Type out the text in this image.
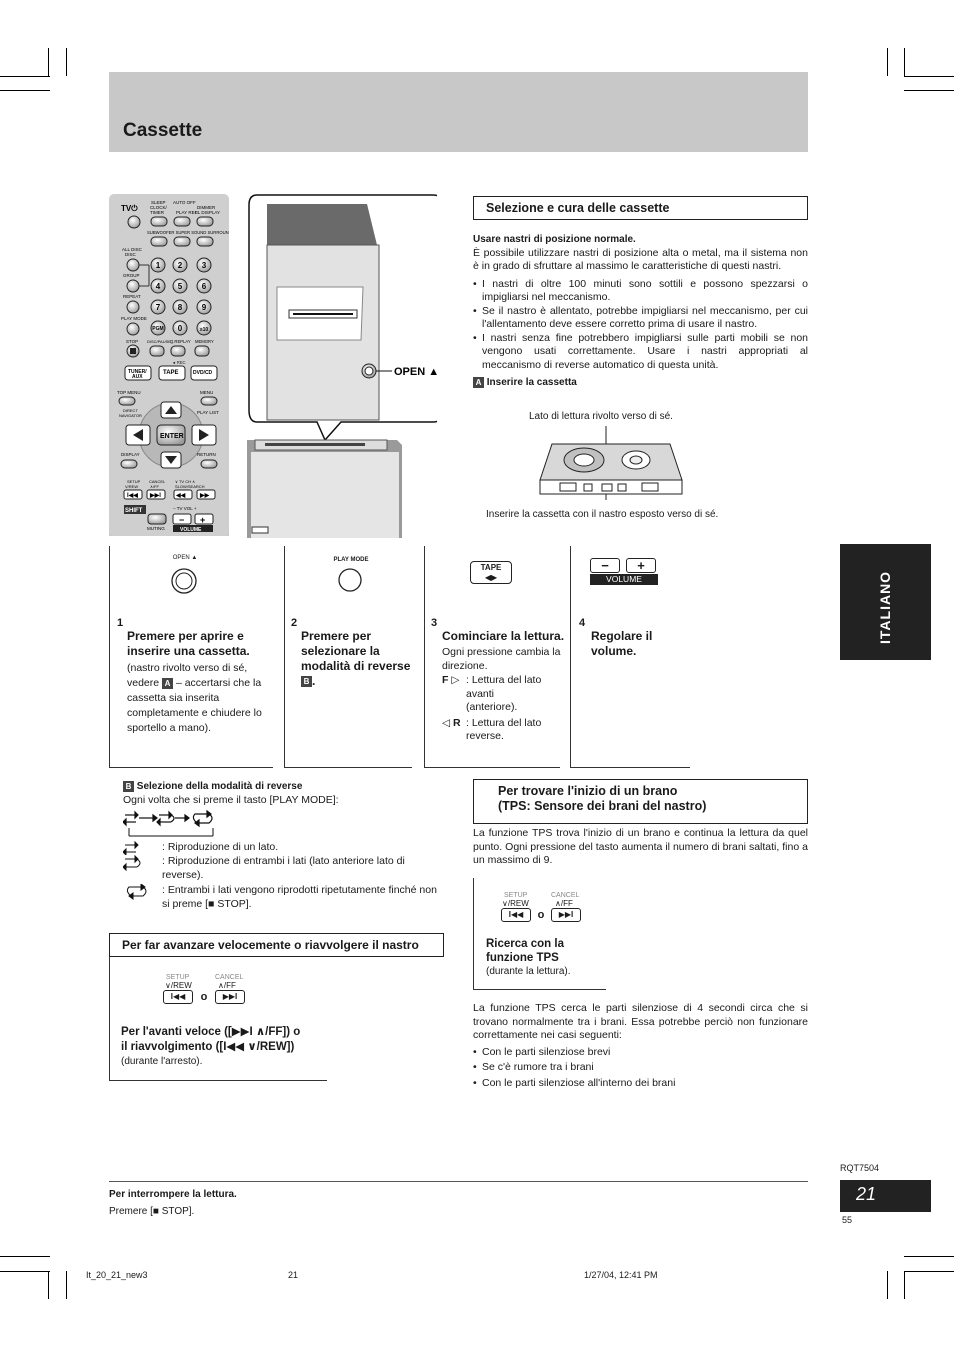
Cassette
ITALIANO
TV⏻
SLEEP
CLOCK/
TIMER
AUTO OFF
PLAY REC
DIMMER
FL DISPLAY
SUBWOOFER SUPER SOUND SURROUND
ALL DISC
DISC
GROUP
REPEAT
PLAY MODE
1 2 3
4 5 6
7 8 9
0	≥10
PGM
STOP DISC/PAUSE Q.REPLAY MEMORY
● REC
TUNER/
AUX
TAPE	DVD/CD
TOP MENU	MENU
DIRECT
NAVIGATOR
PLAY LIST
ENTER
DISPLAY	RETURN
SETUP
V/REW
CANCEL
∧/FF
∨ TV CH ∧
SLOW/SEARCH
I◀◀ ▶▶I	◀◀ ▶▶
SHIFT	− TV VOL +
MUTING
− +
VOLUME
OPEN ▲
Selezione e cura delle cassette
Usare nastri di posizione normale.
È possibile utilizzare nastri di posizione alta o metal, ma il sistema non è in grado di sfruttare al massimo le caratteristiche di questi nastri.
• I nastri di oltre 100 minuti sono sottili e possono spezzarsi o impigliarsi nel meccanismo.
• Se il nastro è allentato, potrebbe impigliarsi nel meccanismo, per cui l'allentamento deve essere corretto prima di usare il nastro.
• I nastri senza fine potrebbero impigliarsi sulle parti mobili se non vengono usati correttamente. Usare i nastri appropriati al meccanismo di reverse automatico di questa unità.
A Inserire la cassetta
Lato di lettura rivolto verso di sé.
Inserire la cassetta con il nastro esposto verso di sé.
OPEN ▲
1
Premere per aprire e inserire una cassetta.
(nastro rivolto verso di sé, vedere A – accertarsi che la cassetta sia inserita completamente e chiudere lo sportello a mano).
PLAY MODE
2
Premere per selezionare la modalità di reverse B .
TAPE
◀▶
3
Cominciare la lettura.
Ogni pressione cambia la direzione.
F ▷ : Lettura del lato avanti (anteriore).
◁ R : Lettura del lato reverse.
−	+
VOLUME
4
Regolare il volume.
B Selezione della modalità di reverse
Ogni volta che si preme il tasto [PLAY MODE]:
: Riproduzione di un lato.
: Riproduzione di entrambi i lati (lato anteriore lato di reverse).
: Entrambi i lati vengono riprodotti ripetutamente finché non si preme [■ STOP].
Per far avanzare velocemente o riavvolgere il nastro
SETUP	CANCEL
∨/REW	∧/FF
I◀◀	o	▶▶I
Per l'avanti veloce ([▶▶I ∧/FF]) o
il riavvolgimento ([I◀◀ ∨/REW])
(durante l'arresto).
Per trovare l'inizio di un brano
(TPS: Sensore dei brani del nastro)
La funzione TPS trova l'inizio di un brano e continua la lettura da quel punto. Ogni pressione del tasto aumenta il numero di brani saltati, fino a un massimo di 9.
SETUP	CANCEL
∨/REW	∧/FF
I◀◀	o	▶▶I
Ricerca con la funzione TPS
(durante la lettura).
La funzione TPS cerca le parti silenziose di 4 secondi circa che si trovano normalmente tra i brani. Essa potrebbe perciò non funzionare correttamente nei casi seguenti:
• Con le parti silenziose brevi
• Se c'è rumore tra i brani
• Con le parti silenziose all'interno dei brani
RQT7504
21
55
Per interrompere la lettura.
Premere [■ STOP].
It_20_21_new3	21	1/27/04, 12:41 PM
